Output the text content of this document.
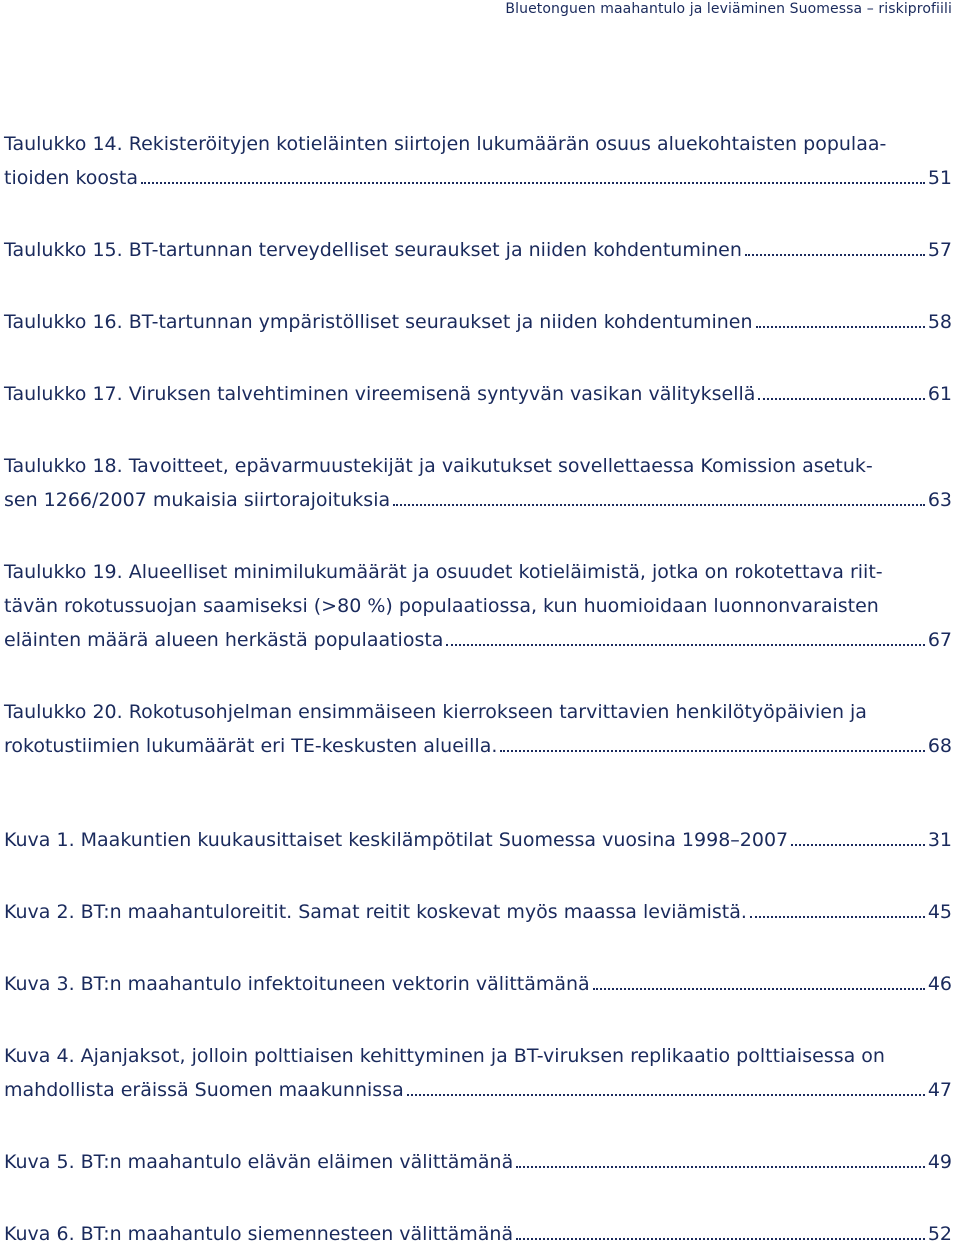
Bluetonguen maahantulo ja leviäminen Suomessa – riskiprofiili
Taulukko 14. Rekisteröityjen kotieläinten siirtojen lukumäärän osuus aluekohtaisten populaa-
tioiden koosta	51
Taulukko 15. BT-tartunnan terveydelliset seuraukset ja niiden kohdentuminen	57
Taulukko 16. BT-tartunnan ympäristölliset seuraukset ja niiden kohdentuminen	58
Taulukko 17. Viruksen talvehtiminen vireemisenä syntyvän vasikan välityksellä	61
Taulukko 18. Tavoitteet, epävarmuustekijät ja vaikutukset sovellettaessa Komission asetuk-
sen 1266/2007 mukaisia siirtorajoituksia	63
Taulukko 19. Alueelliset minimilukumäärät ja osuudet kotieläimistä, jotka on rokotettava riit-
tävän rokotussuojan saamiseksi (>80 %) populaatiossa, kun huomioidaan luonnonvaraisten
eläinten määrä alueen herkästä populaatiosta	67
Taulukko 20. Rokotusohjelman ensimmäiseen kierrokseen tarvittavien henkilötyöpäivien ja
rokotustiimien lukumäärät eri TE-keskusten alueilla.	68
Kuva 1. Maakuntien kuukausittaiset keskilämpötilat Suomessa vuosina 1998–2007	31
Kuva 2. BT:n maahantuloreitit. Samat reitit koskevat myös maassa leviämistä.	45
Kuva 3. BT:n maahantulo infektoituneen vektorin välittämänä	46
Kuva 4. Ajanjaksot, jolloin polttiaisen kehittyminen ja BT-viruksen replikaatio polttiaisessa on
mahdollista eräissä Suomen maakunnissa	47
Kuva 5. BT:n maahantulo elävän eläimen välittämänä	49
Kuva 6. BT:n maahantulo siemennesteen välittämänä	52
